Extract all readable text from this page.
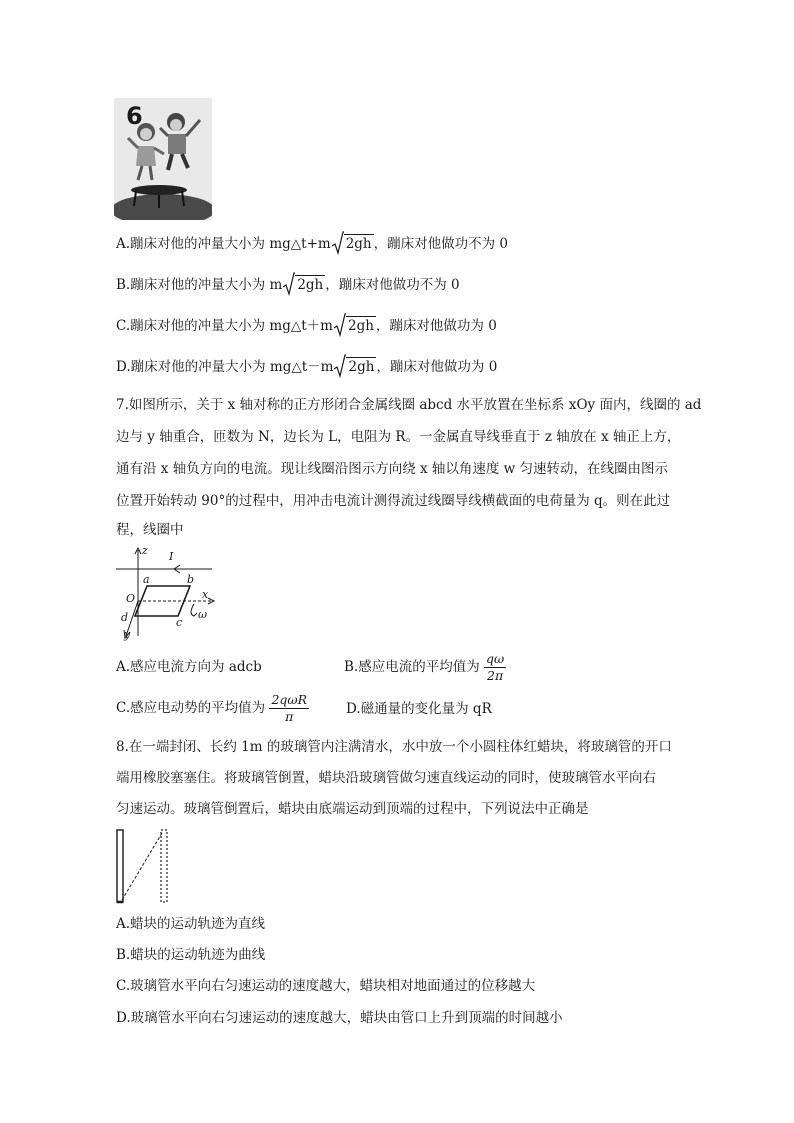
6
A.蹦床对他的冲量大小为 mg△t+m 2gh ，蹦床对他做功不为 0
B.蹦床对他的冲量大小为 m 2gh ，蹦床对他做功不为 0
C.蹦床对他的冲量大小为 mg△t＋m 2gh ，蹦床对他做功为 0
D.蹦床对他的冲量大小为 mg△t－m 2gh ，蹦床对他做功为 0
7.如图所示，关于 x 轴对称的正方形闭合金属线圈 abcd 水平放置在坐标系 xOy 面内，线圈的 ad
边与 y 轴重合，匝数为 N，边长为 L，电阻为 R。一金属直导线垂直于 z 轴放在 x 轴正上方，
通有沿 x 轴负方向的电流。现让线圈沿图示方向绕 x 轴以角速度 w 匀速转动，在线圈由图示
位置开始转动 90°的过程中，用冲击电流计测得流过线圈导线横截面的电荷量为 q。则在此过
程，线圈中
z I
a	b
O	x
d	c
y
ω
A.感应电流方向为 adcb	B.感应电流的平均值为 $\frac{q\omega}{2\pi}$
C.感应电动势的平均值为 $\frac{\text{2qωR}}{\pi}$	D.磁通量的变化量为 qR
8.在一端封闭、长约 1m 的玻璃管内注满清水，水中放一个小圆柱体红蜡块，将玻璃管的开口
端用橡胶塞塞住。将玻璃管倒置，蜡块沿玻璃管做匀速直线运动的同时，使玻璃管水平向右
匀速运动。玻璃管倒置后，蜡块由底端运动到顶端的过程中，下列说法中正确是
A.蜡块的运动轨迹为直线
B.蜡块的运动轨迹为曲线
C.玻璃管水平向右匀速运动的速度越大，蜡块相对地面通过的位移越大
D.玻璃管水平向右匀速运动的速度越大，蜡块由管口上升到顶端的时间越小
